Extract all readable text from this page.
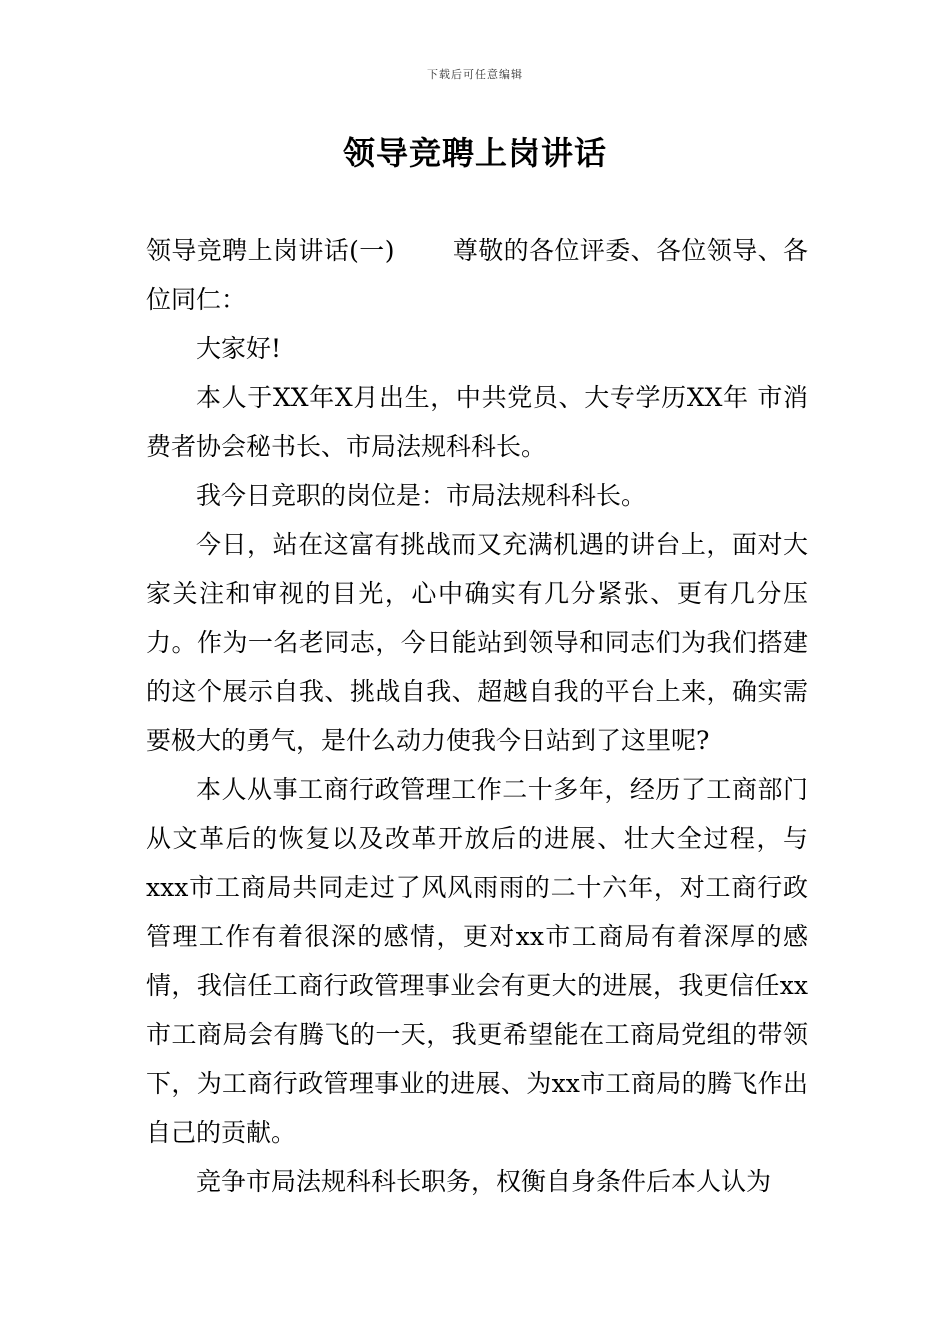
下载后可任意编辑
领导竞聘上岗讲话

领导竞聘上岗讲话(一) 尊敬的各位评委、各位领导、各位同仁：

大家好!

本人于XX年X月出生，中共党员、大专学历XX年 市消费者协会秘书长、市局法规科科长。

我今日竞职的岗位是：市局法规科科长。

今日，站在这富有挑战而又充满机遇的讲台上，面对大家关注和审视的目光，心中确实有几分紧张、更有几分压力。作为一名老同志，今日能站到领导和同志们为我们搭建的这个展示自我、挑战自我、超越自我的平台上来，确实需要极大的勇气，是什么动力使我今日站到了这里呢?

本人从事工商行政管理工作二十多年，经历了工商部门从文革后的恢复以及改革开放后的进展、壮大全过程，与xxx市工商局共同走过了风风雨雨的二十六年，对工商行政管理工作有着很深的感情，更对xx市工商局有着深厚的感情，我信任工商行政管理事业会有更大的进展，我更信任xx市工商局会有腾飞的一天，我更希望能在工商局党组的带领下，为工商行政管理事业的进展、为xx市工商局的腾飞作出自己的贡献。

竞争市局法规科科长职务，权衡自身条件后本人认为
